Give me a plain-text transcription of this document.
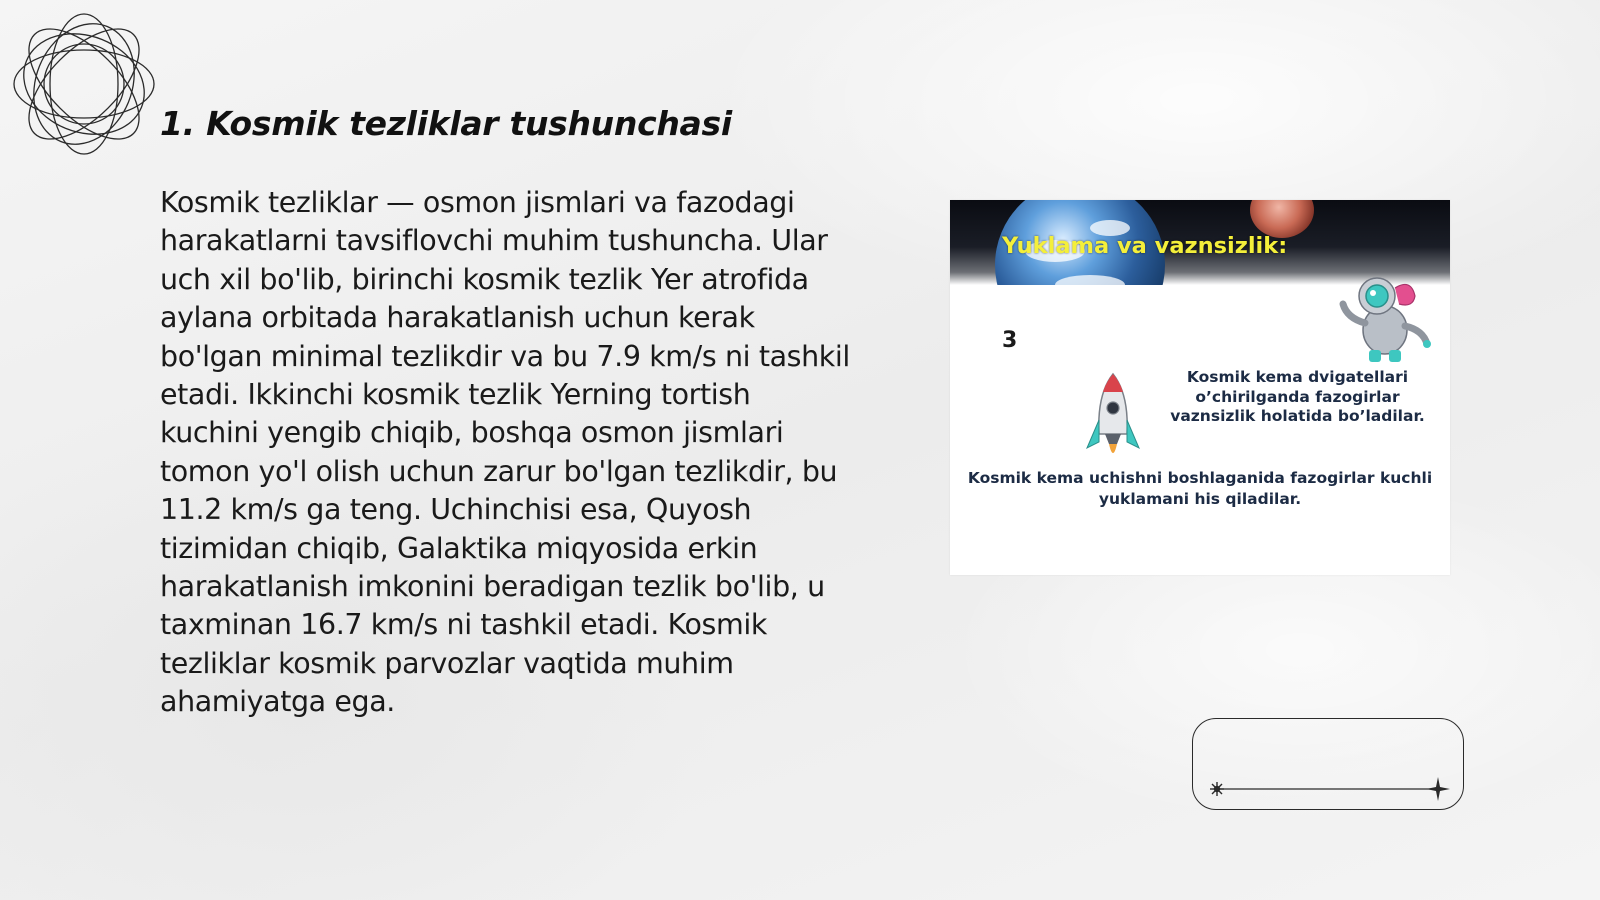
1. Kosmik tezliklar tushunchasi

Kosmik tezliklar — osmon jismlari va fazodagi harakatlarni tavsiflovchi muhim tushuncha. Ular uch xil bo'lib, birinchi kosmik tezlik Yer atrofida aylana orbitada harakatlanish uchun kerak bo'lgan minimal tezlikdir va bu 7.9 km/s ni tashkil etadi. Ikkinchi kosmik tezlik Yerning tortish kuchini yengib chiqib, boshqa osmon jismlari tomon yo'l olish uchun zarur bo'lgan tezlikdir, bu 11.2 km/s ga teng. Uchinchisi esa, Quyosh tizimidan chiqib, Galaktika miqyosida erkin harakatlanish imkonini beradigan tezlik bo'lib, u taxminan 16.7 km/s ni tashkil etadi. Kosmik tezliklar kosmik parvozlar vaqtida muhim ahamiyatga ega.

Yuklama va vaznsizlik:
3

Kosmik kema dvigatellari o’chirilganda fazogirlar vaznsizlik holatida bo’ladilar.

Kosmik kema uchishni boshlaganida fazogirlar kuchli yuklamani his qiladilar.
